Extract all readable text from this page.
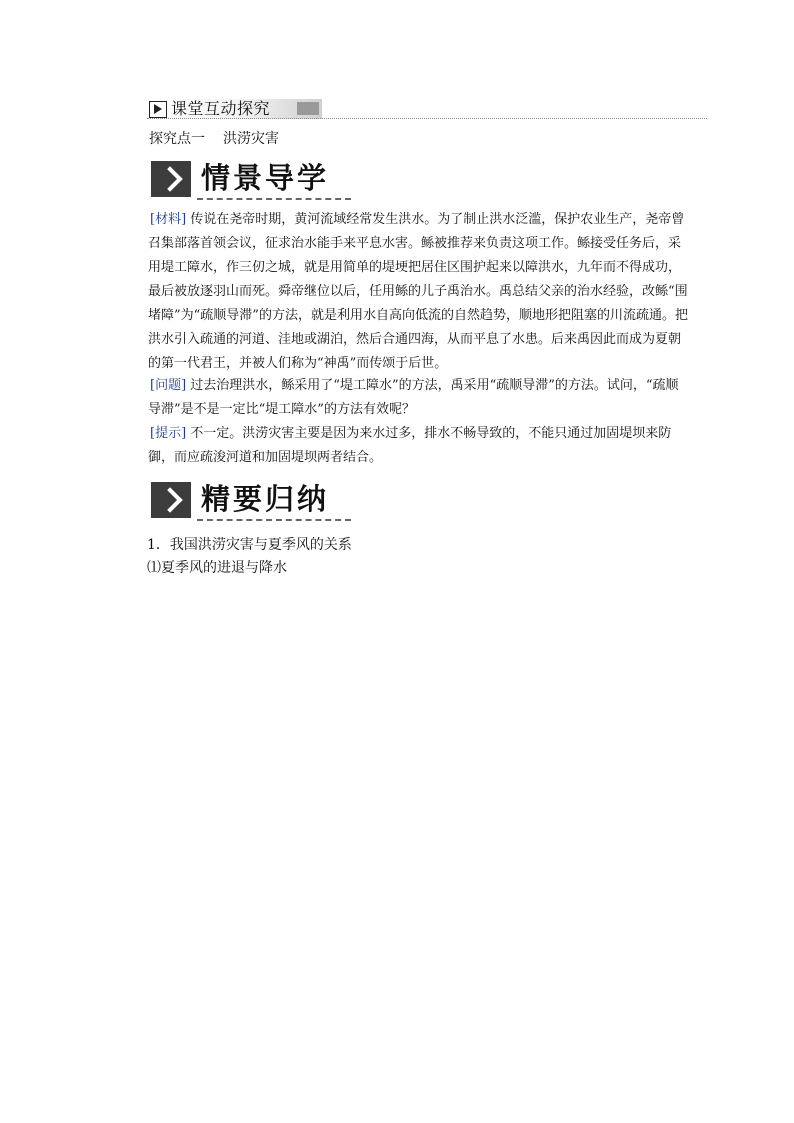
课堂互动探究
探究点一 洪涝灾害
情景导学

[材料] 传说在尧帝时期，黄河流域经常发生洪水。为了制止洪水泛滥，保护农业生产，尧帝曾召集部落首领会议，征求治水能手来平息水害。鲧被推荐来负责这项工作。鲧接受任务后，采用堤工障水，作三仞之城，就是用简单的堤埂把居住区围护起来以障洪水，九年而不得成功，最后被放逐羽山而死。舜帝继位以后，任用鲧的儿子禹治水。禹总结父亲的治水经验，改鲧“围堵障”为“疏顺导滞”的方法，就是利用水自高向低流的自然趋势，顺地形把阻塞的川流疏通。把洪水引入疏通的河道、洼地或湖泊，然后合通四海，从而平息了水患。后来禹因此而成为夏朝的第一代君王，并被人们称为“神禹”而传颂于后世。

[问题] 过去治理洪水，鲧采用了“堤工障水”的方法，禹采用“疏顺导滞”的方法。试问，“疏顺导滞”是不是一定比“堤工障水”的方法有效呢？

[提示] 不一定。洪涝灾害主要是因为来水过多，排水不畅导致的，不能只通过加固堤坝来防御，而应疏浚河道和加固堤坝两者结合。

精要归纳

1．我国洪涝灾害与夏季风的关系

⑴夏季风的进退与降水
